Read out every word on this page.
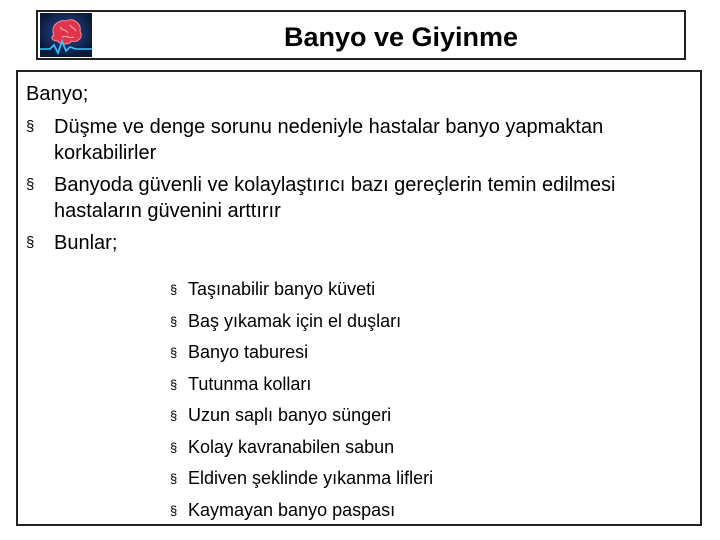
Banyo ve Giyinme
Banyo;
§ Düşme ve denge sorunu nedeniyle hastalar banyo yapmaktan korkabilirler
§ Banyoda güvenli ve kolaylaştırıcı bazı gereçlerin temin edilmesi hastaların güvenini arttırır
§ Bunlar;
§ Taşınabilir banyo küveti
§ Baş yıkamak için el duşları
§ Banyo taburesi
§ Tutunma kolları
§ Uzun saplı banyo süngeri
§ Kolay kavranabilen sabun
§ Eldiven şeklinde yıkanma lifleri
§ Kaymayan banyo paspası
